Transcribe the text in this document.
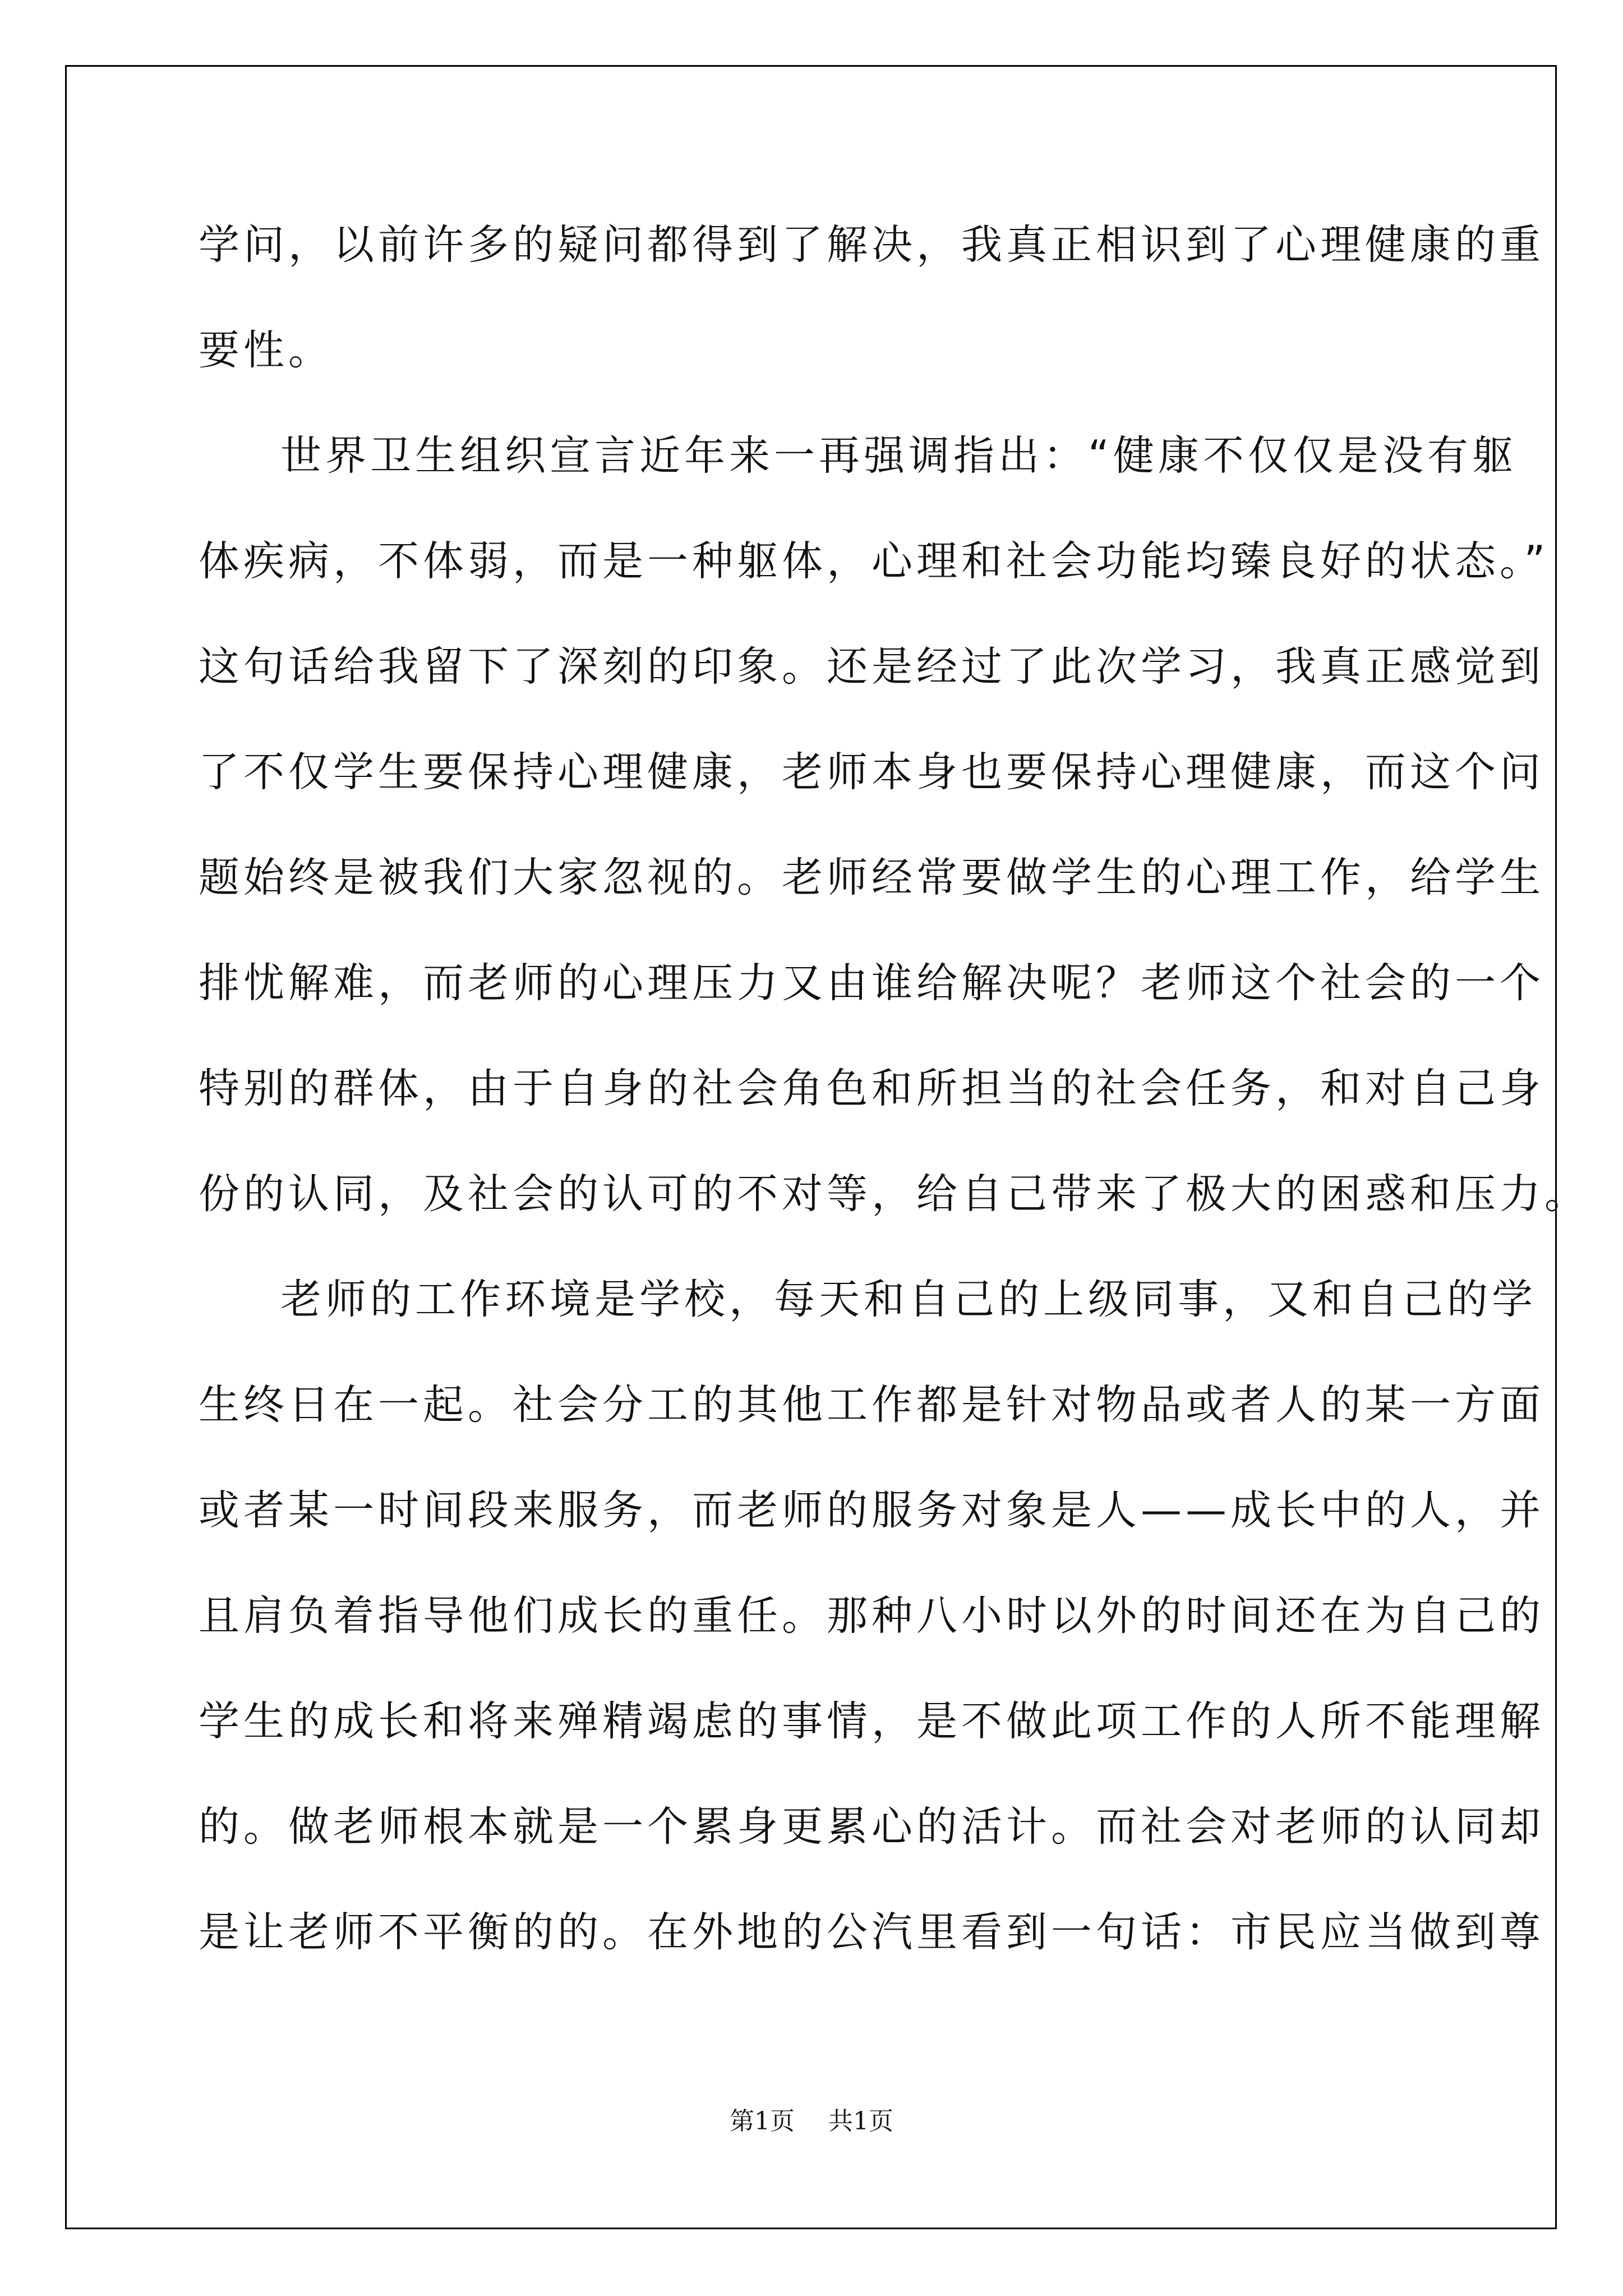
学问，以前许多的疑问都得到了解决，我真正相识到了心理健康的重
要性。
世界卫生组织宣言近年来一再强调指出：“健康不仅仅是没有躯
体疾病，不体弱，而是一种躯体，心理和社会功能均臻良好的状态。”
这句话给我留下了深刻的印象。还是经过了此次学习，我真正感觉到
了不仅学生要保持心理健康，老师本身也要保持心理健康，而这个问
题始终是被我们大家忽视的。老师经常要做学生的心理工作，给学生
排忧解难，而老师的心理压力又由谁给解决呢？老师这个社会的一个
特别的群体，由于自身的社会角色和所担当的社会任务，和对自己身
份的认同，及社会的认可的不对等，给自己带来了极大的困惑和压力。
老师的工作环境是学校，每天和自己的上级同事，又和自己的学
生终日在一起。社会分工的其他工作都是针对物品或者人的某一方面
或者某一时间段来服务，而老师的服务对象是人——成长中的人，并
且肩负着指导他们成长的重任。那种八小时以外的时间还在为自己的
学生的成长和将来殚精竭虑的事情，是不做此项工作的人所不能理解
的。做老师根本就是一个累身更累心的活计。而社会对老师的认同却
是让老师不平衡的的。在外地的公汽里看到一句话：市民应当做到尊
第1页 共1页
